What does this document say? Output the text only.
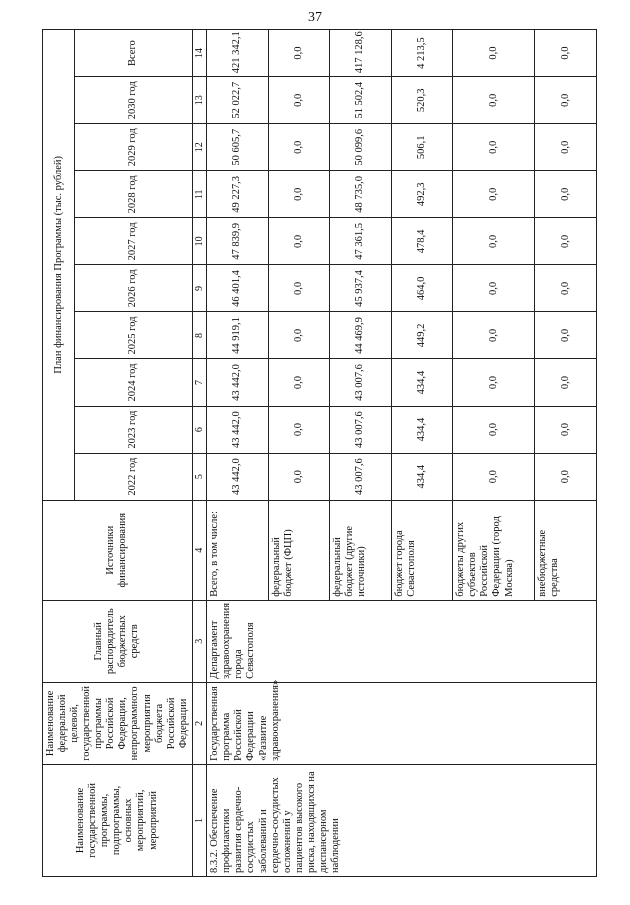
37
Наименование государственной программы, подпрограммы, основных мероприятий, мероприятий	Наименование федеральной целевой, государственной программы Российской Федерации, непрограммного мероприятия бюджета Российской Федерации	Главный распорядитель бюджетных средств	Источники финансирования	План финансирования Программы (тыс. рублей)									
				2022 год	2023 год	2024 год	2025 год	2026 год	2027 год	2028 год	2029 год	2030 год	Всего
1	2	3	4	5	6	7	8	9	10	11	12	13	14
8.3.2. Обеспечение профилактики развития сердечно-сосудистых заболеваний и сердечно-сосудистых осложнений у пациентов высокого риска, находящихся на диспансерном наблюдении	Государственная программа Российской Федерации «Развитие здравоохранения»	Департамент здравоохранения города Севастополя	Всего, в том числе:	43 442,0	43 442,0	43 442,0	44 919,1	46 401,4	47 839,9	49 227,3	50 605,7	52 022,7	421 342,1
			федеральный бюджет (ФЦП)	0,0	0,0	0,0	0,0	0,0	0,0	0,0	0,0	0,0	0,0
			федеральный бюджет (другие источники)	43 007,6	43 007,6	43 007,6	44 469,9	45 937,4	47 361,5	48 735,0	50 099,6	51 502,4	417 128,6
			бюджет города Севастополя	434,4	434,4	434,4	449,2	464,0	478,4	492,3	506,1	520,3	4 213,5
			бюджеты других субъектов Российской Федерации (город Москва)	0,0	0,0	0,0	0,0	0,0	0,0	0,0	0,0	0,0	0,0
			внебюджетные средства	0,0	0,0	0,0	0,0	0,0	0,0	0,0	0,0	0,0	0,0
